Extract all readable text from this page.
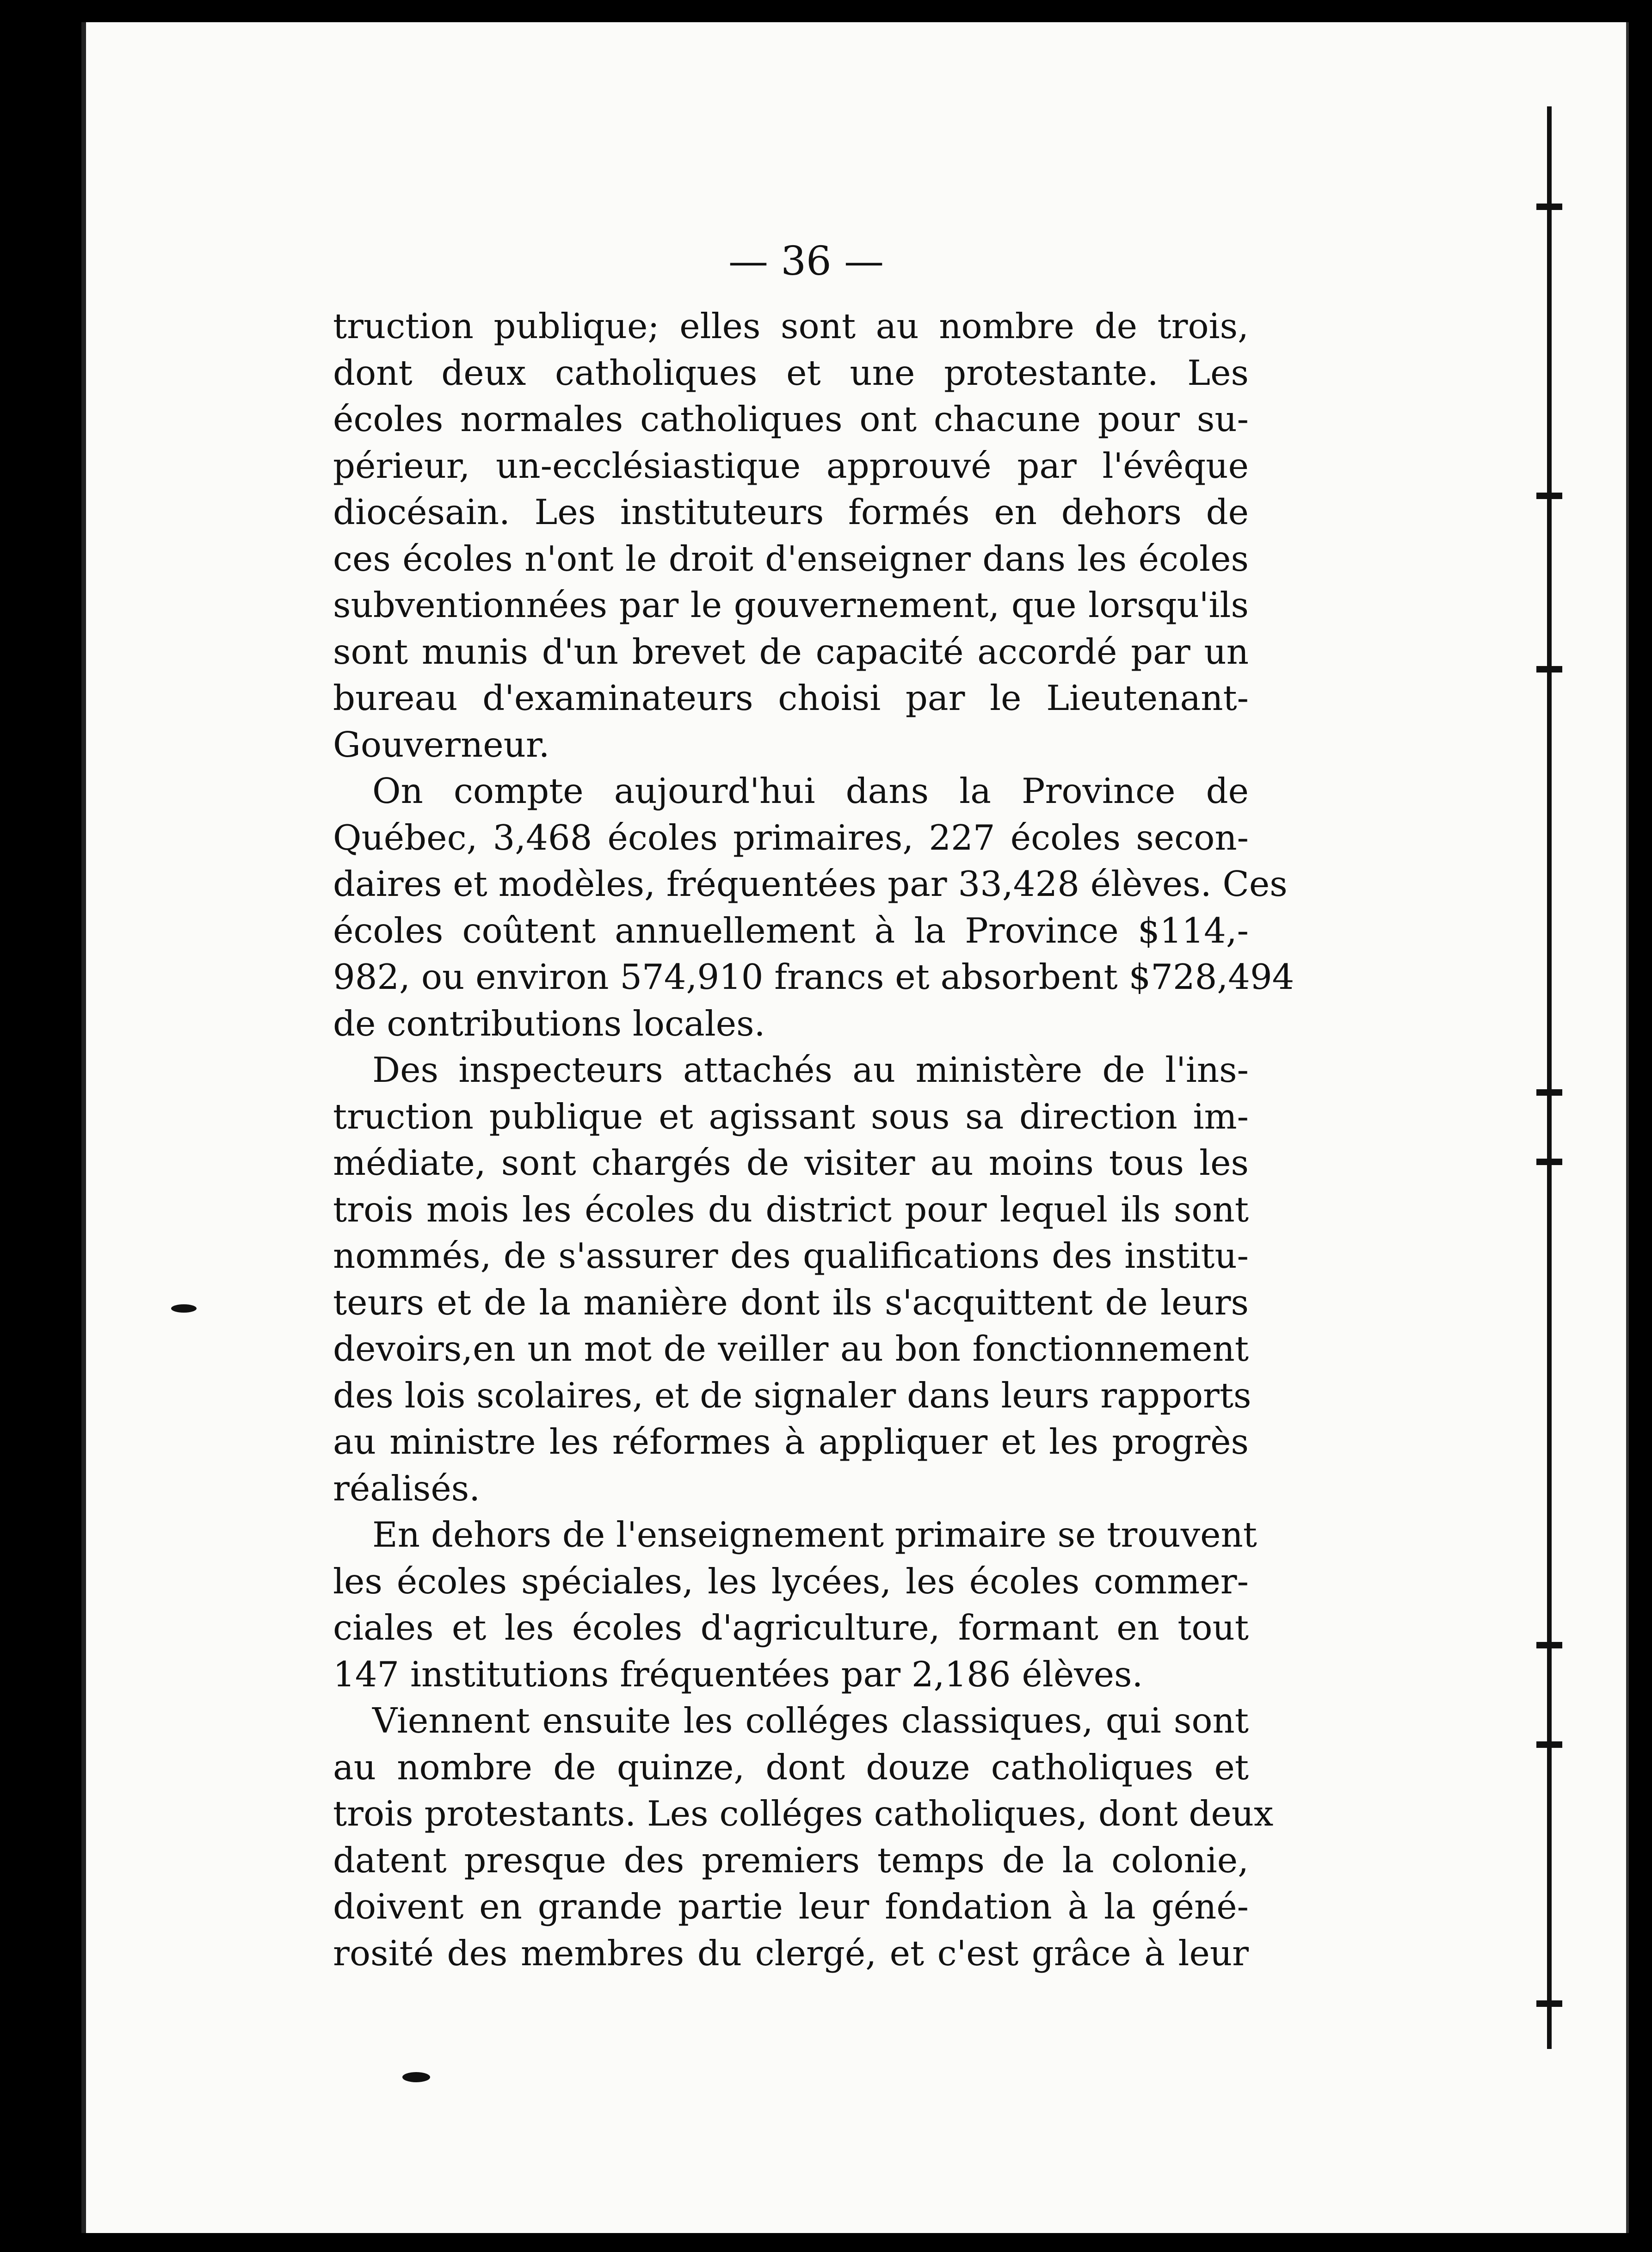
— 36 —
truction publique; elles sont au nombre de trois,
dont deux catholiques et une protestante. Les
écoles normales catholiques ont chacune pour su-
périeur, un-ecclésiastique approuvé par l'évêque
diocésain. Les instituteurs formés en dehors de
ces écoles n'ont le droit d'enseigner dans les écoles
subventionnées par le gouvernement, que lorsqu'ils
sont munis d'un brevet de capacité accordé par un
bureau d'examinateurs choisi par le Lieutenant-
Gouverneur.
On compte aujourd'hui dans la Province de
Québec, 3,468 écoles primaires, 227 écoles secon-
daires et modèles, fréquentées par 33,428 élèves. Ces
écoles coûtent annuellement à la Province $114,-
982, ou environ 574,910 francs et absorbent $728,494
de contributions locales.
Des inspecteurs attachés au ministère de l'ins-
truction publique et agissant sous sa direction im-
médiate, sont chargés de visiter au moins tous les
trois mois les écoles du district pour lequel ils sont
nommés, de s'assurer des qualifications des institu-
teurs et de la manière dont ils s'acquittent de leurs
devoirs,en un mot de veiller au bon fonctionnement
des lois scolaires, et de signaler dans leurs rapports
au ministre les réformes à appliquer et les progrès
réalisés.
En dehors de l'enseignement primaire se trouvent
les écoles spéciales, les lycées, les écoles commer-
ciales et les écoles d'agriculture, formant en tout
147 institutions fréquentées par 2,186 élèves.
Viennent ensuite les colléges classiques, qui sont
au nombre de quinze, dont douze catholiques et
trois protestants. Les colléges catholiques, dont deux
datent presque des premiers temps de la colonie,
doivent en grande partie leur fondation à la géné-
rosité des membres du clergé, et c'est grâce à leur
